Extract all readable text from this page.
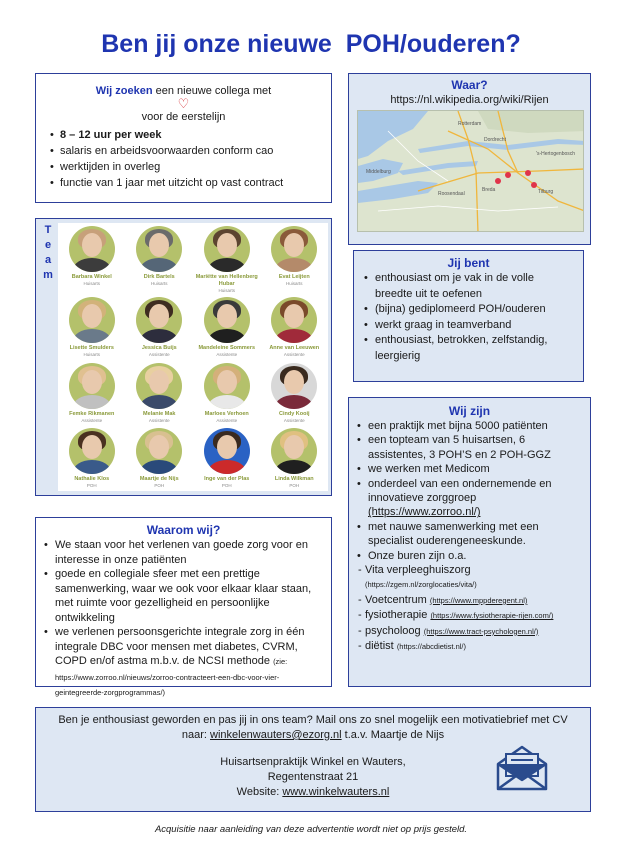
Ben jij onze nieuwe  POH/ouderen?
Wij zoeken een nieuwe collega met
♡
voor de eerstelijn
• 8 – 12 uur per week
• salaris en arbeidsvoorwaarden conform cao
• werktijden in overleg
• functie van 1 jaar met uitzicht op vast contract
Waar?
https://nl.wikipedia.org/wiki/Rijen
Rotterdam
Dordrecht
Breda	Tilburg
's-Hertogenbosch
Roosendaal
Middelburg
T
e
a
m	Barbara Winkel
Huisarts
Dirk Bartels
Huisarts
Mariëtte van Hellenberg Hubar
Huisarts
Evat Leijten
Huisarts
Lisette Smulders
Huisarts
Jessica Buijs
Assistente
Mandeleine Sommers
Assistente
Anne van Leeuwen
Assistente
Femke Rikmanen
Assistente
Melanie Mak
Assistente
Marloes Verhoen
Assistente
Cindy Kooij
Assistente
Nathalie Klos
POH
Maartje de Nijs
POH
Inge van der Plas
POH
Linda Wilkman
POH
Jij bent
• enthousiast om je vak in de volle breedte uit te oefenen
• (bijna) gediplomeerd POH/ouderen
• werkt graag in teamverband
• enthousiast, betrokken, zelfstandig, leergierig
Wij zijn
• een praktijk met bijna 5000 patiënten
• een topteam van 5 huisartsen, 6 assistentes, 3 POH’S en 2 POH-GGZ
• we werken met Medicom
• onderdeel van een ondernemende en innovatieve zorggroep (https://www.zorroo.nl/)
• met nauwe samenwerking met een specialist ouderengeneeskunde.
• Onze buren zijn o.a.
- Vita verpleeghuiszorg
(https://zgem.nl/zorglocaties/vita/)
- Voetcentrum (https://www.mppderegent.nl)
- fysiotherapie (https://www.fysiotherapie-rijen.com/)
- psycholoog (https://www.tract-psychologen.nl/)
- diëtist (https://abcdietist.nl/)
Waarom wij?
• We staan voor het verlenen van goede zorg voor en interesse in onze patiënten
• goede en collegiale sfeer met een prettige samenwerking, waar we ook voor elkaar klaar staan, met ruimte voor gezelligheid en persoonlijke ontwikkeling
• we verlenen persoonsgerichte integrale zorg in één integrale DBC voor mensen met diabetes, CVRM, COPD en/of astma m.b.v. de NCSI methode (zie: https://www.zorroo.nl/nieuws/zorroo-contracteert-een-dbc-voor-vier-geintegreerde-zorgprogrammas/)
Ben je enthousiast geworden en pas jij in ons team? Mail ons zo snel mogelijk een motivatiebrief met CV
naar: winkelenwauters@ezorg.nl t.a.v. Maartje de Nijs
Huisartsenpraktijk Winkel en Wauters,
Regentenstraat 21
Website: www.winkelwauters.nl
Acquisitie naar aanleiding van deze advertentie wordt niet op prijs gesteld.
